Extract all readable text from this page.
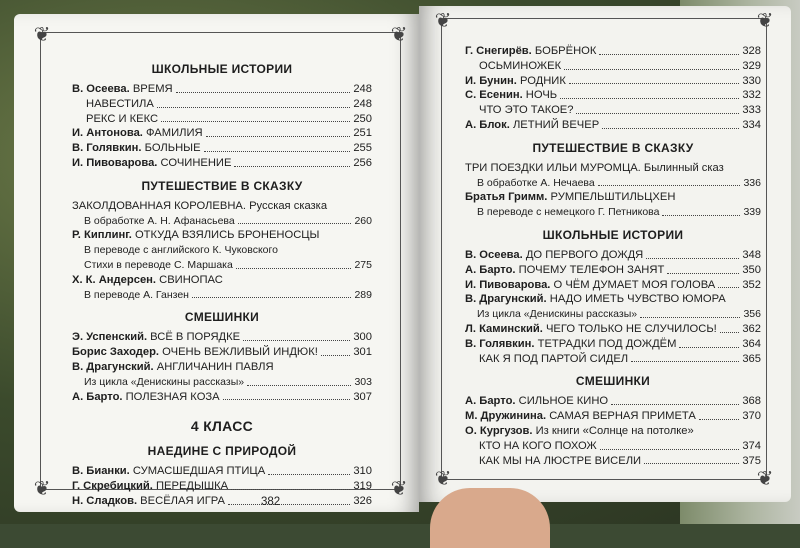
❦	❦
❦	❦
ШКОЛЬНЫЕ ИСТОРИИ
В. Осеева. ВРЕМЯ	248
НАВЕСТИЛА	248
РЕКС И КЕКС	250
И. Антонова. ФАМИЛИЯ	251
В. Голявкин. БОЛЬНЫЕ	255
И. Пивоварова. СОЧИНЕНИЕ	256
ПУТЕШЕСТВИЕ В СКАЗКУ
ЗАКОЛДОВАННАЯ КОРОЛЕВНА. Русская сказка
В обработке А. Н. Афанасьева	260
Р. Киплинг. ОТКУДА ВЗЯЛИСЬ БРОНЕНОСЦЫ
В переводе с английского К. Чуковского
Стихи в переводе С. Маршака	275
Х. К. Андерсен. СВИНОПАС
В переводе А. Ганзен	289
СМЕШИНКИ
Э. Успенский. ВСЁ В ПОРЯДКЕ	300
Борис Заходер. ОЧЕНЬ ВЕЖЛИВЫЙ ИНДЮК!	301
В. Драгунский. АНГЛИЧАНИН ПАВЛЯ
Из цикла «Денискины рассказы»	303
А. Барто. ПОЛЕЗНАЯ КОЗА	307
4 КЛАСС
НАЕДИНЕ С ПРИРОДОЙ
В. Бианки. СУМАСШЕДШАЯ ПТИЦА	310
Г. Скребицкий. ПЕРЕДЫШКА	319
Н. Сладков. ВЕСЁЛАЯ ИГРА	326
382
❦	❦
❦	❦
Г. Снегирёв. БОБРЁНОК	328
ОСЬМИНОЖЕК	329
И. Бунин. РОДНИК	330
С. Есенин. НОЧЬ	332
ЧТО ЭТО ТАКОЕ?	333
А. Блок. ЛЕТНИЙ ВЕЧЕР	334
ПУТЕШЕСТВИЕ В СКАЗКУ
ТРИ ПОЕЗДКИ ИЛЬИ МУРОМЦА. Былинный сказ
В обработке А. Нечаева	336
Братья Гримм. РУМПЕЛЬШТИЛЬЦХЕН
В переводе с немецкого Г. Петникова	339
ШКОЛЬНЫЕ ИСТОРИИ
В. Осеева. ДО ПЕРВОГО ДОЖДЯ	348
А. Барто. ПОЧЕМУ ТЕЛЕФОН ЗАНЯТ	350
И. Пивоварова. О ЧЁМ ДУМАЕТ МОЯ ГОЛОВА 352
В. Драгунский. НАДО ИМЕТЬ ЧУВСТВО ЮМОРА
Из цикла «Денискины рассказы»	356
Л. Каминский. ЧЕГО ТОЛЬКО НЕ СЛУЧИЛОСЬ! 362
В. Голявкин. ТЕТРАДКИ ПОД ДОЖДЁМ	364
КАК Я ПОД ПАРТОЙ СИДЕЛ	365
СМЕШИНКИ
А. Барто. СИЛЬНОЕ КИНО	368
М. Дружинина. САМАЯ ВЕРНАЯ ПРИМЕТА	370
О. Кургузов. Из книги «Солнце на потолке»
КТО НА КОГО ПОХОЖ	374
КАК МЫ НА ЛЮСТРЕ ВИСЕЛИ	375
